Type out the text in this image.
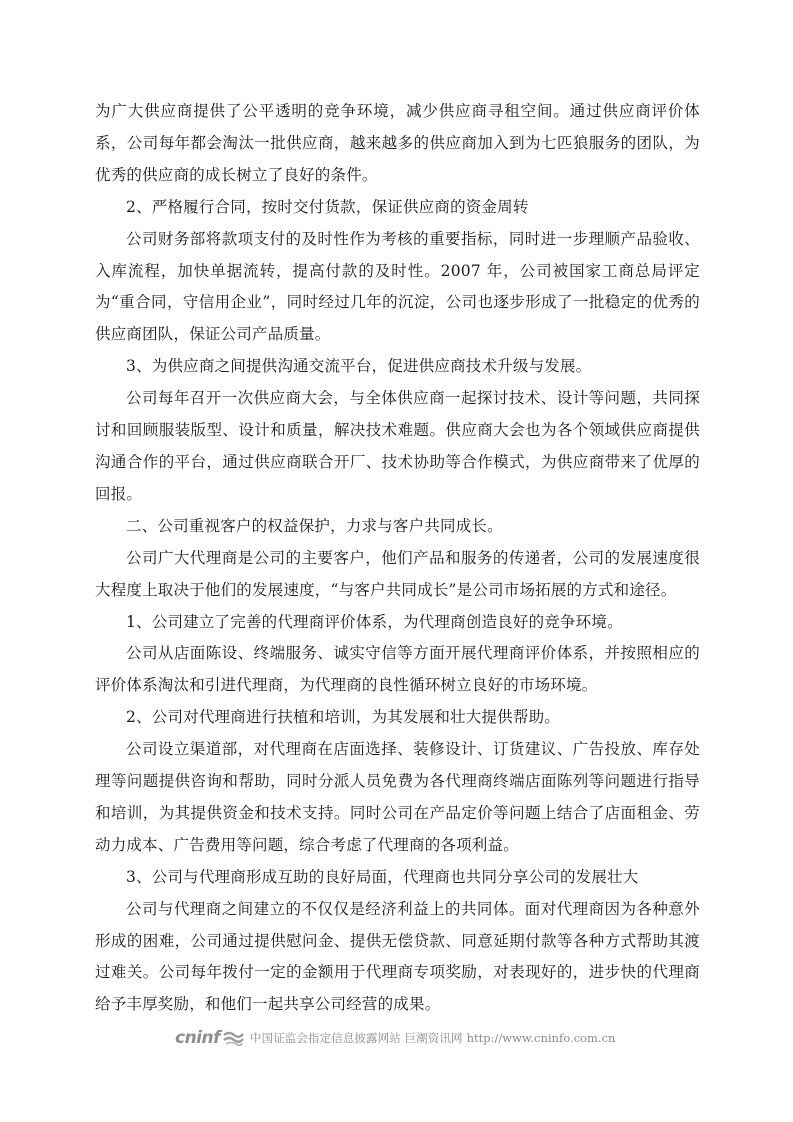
为广大供应商提供了公平透明的竞争环境，减少供应商寻租空间。通过供应商评价体系，公司每年都会淘汰一批供应商，越来越多的供应商加入到为七匹狼服务的团队，为优秀的供应商的成长树立了良好的条件。

2、严格履行合同，按时交付货款，保证供应商的资金周转

公司财务部将款项支付的及时性作为考核的重要指标，同时进一步理顺产品验收、入库流程，加快单据流转，提高付款的及时性。2007 年，公司被国家工商总局评定为“重合同，守信用企业”，同时经过几年的沉淀，公司也逐步形成了一批稳定的优秀的供应商团队，保证公司产品质量。

3、为供应商之间提供沟通交流平台，促进供应商技术升级与发展。

公司每年召开一次供应商大会，与全体供应商一起探讨技术、设计等问题，共同探讨和回顾服装版型、设计和质量，解决技术难题。供应商大会也为各个领域供应商提供沟通合作的平台，通过供应商联合开厂、技术协助等合作模式，为供应商带来了优厚的回报。

二、公司重视客户的权益保护，力求与客户共同成长。

公司广大代理商是公司的主要客户，他们产品和服务的传递者，公司的发展速度很大程度上取决于他们的发展速度，“与客户共同成长”是公司市场拓展的方式和途径。

1、公司建立了完善的代理商评价体系，为代理商创造良好的竞争环境。

公司从店面陈设、终端服务、诚实守信等方面开展代理商评价体系，并按照相应的评价体系淘汰和引进代理商，为代理商的良性循环树立良好的市场环境。

2、公司对代理商进行扶植和培训，为其发展和壮大提供帮助。

公司设立渠道部，对代理商在店面选择、装修设计、订货建议、广告投放、库存处理等问题提供咨询和帮助，同时分派人员免费为各代理商终端店面陈列等问题进行指导和培训，为其提供资金和技术支持。同时公司在产品定价等问题上结合了店面租金、劳动力成本、广告费用等问题，综合考虑了代理商的各项利益。

3、公司与代理商形成互助的良好局面，代理商也共同分享公司的发展壮大

公司与代理商之间建立的不仅仅是经济利益上的共同体。面对代理商因为各种意外形成的困难，公司通过提供慰问金、提供无偿贷款、同意延期付款等各种方式帮助其渡过难关。公司每年拨付一定的金额用于代理商专项奖励，对表现好的，进步快的代理商给予丰厚奖励，和他们一起共享公司经营的成果。

cninf	中国证监会指定信息披露网站 巨潮资讯网 http://www.cninfo.com.cn
